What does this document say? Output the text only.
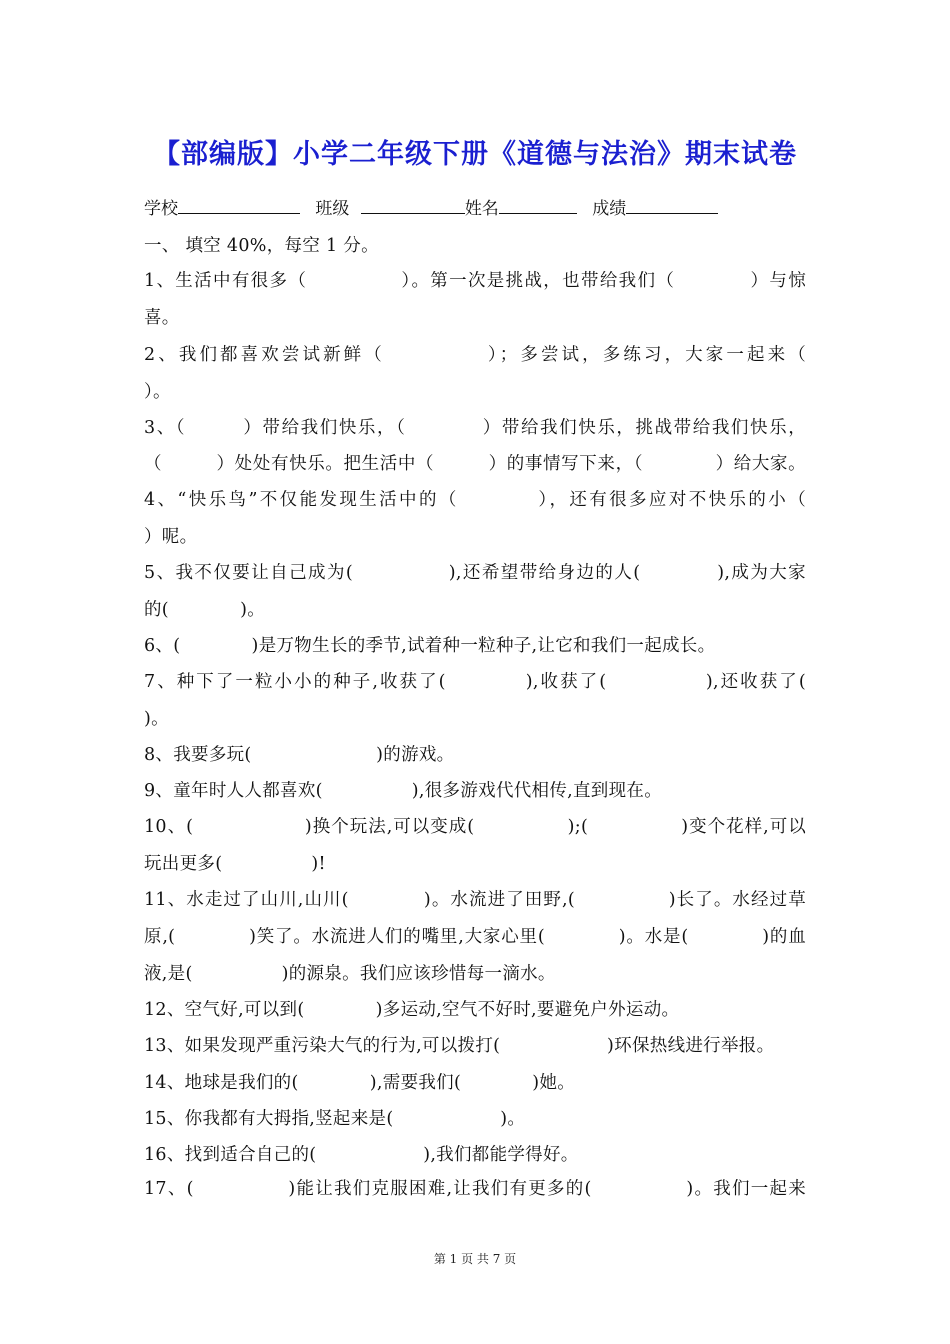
【部编版】小学二年级下册《道德与法治》期末试卷
学校	班级	姓名	成绩
一、 填空 40%，每空 1 分。
1、生活中有很多（　　　　　）。第一次是挑战，也带给我们（　　　　）与惊
喜。
2、我们都喜欢尝试新鲜（　　　　　）；多尝试，多练习，大家一起来（
）。
3、（　　　）带给我们快乐，（　　　　）带给我们快乐，挑战带给我们快乐，
（　　　）处处有快乐。把生活中（　　　）的事情写下来，（　　　　）给大家。
4、“快乐鸟”不仅能发现生活中的（　　　　），还有很多应对不快乐的小（
）呢。
5、我不仅要让自己成为(　　　　　),还希望带给身边的人(　　　　),成为大家
的(　　　　)。
6、(　　　　)是万物生长的季节,试着种一粒种子,让它和我们一起成长。
7、种下了一粒小小的种子,收获了(　　　　),收获了(　　　　　),还收获了(
)。
8、我要多玩(　　　　　　　)的游戏。
9、童年时人人都喜欢(　　　　　),很多游戏代代相传,直到现在。
10、(　　　　　　)换个玩法,可以变成(　　　　　);(　　　　　)变个花样,可以
玩出更多(　　　　　)!
11、水走过了山川,山川(　　　　)。水流进了田野,(　　　　　)长了。水经过草
原,(　　　　)笑了。水流进人们的嘴里,大家心里(　　　　)。水是(　　　　)的血
液,是(　　　　　)的源泉。我们应该珍惜每一滴水。
12、空气好,可以到(　　　　)多运动,空气不好时,要避免户外运动。
13、如果发现严重污染大气的行为,可以拨打(　　　　　　)环保热线进行举报。
14、地球是我们的(　　　　),需要我们(　　　　)她。
15、你我都有大拇指,竖起来是(　　　　　　)。
16、找到适合自己的(　　　　　　),我们都能学得好。
17、(　　　　　)能让我们克服困难,让我们有更多的(　　　　　)。我们一起来
第 1 页 共 7 页
